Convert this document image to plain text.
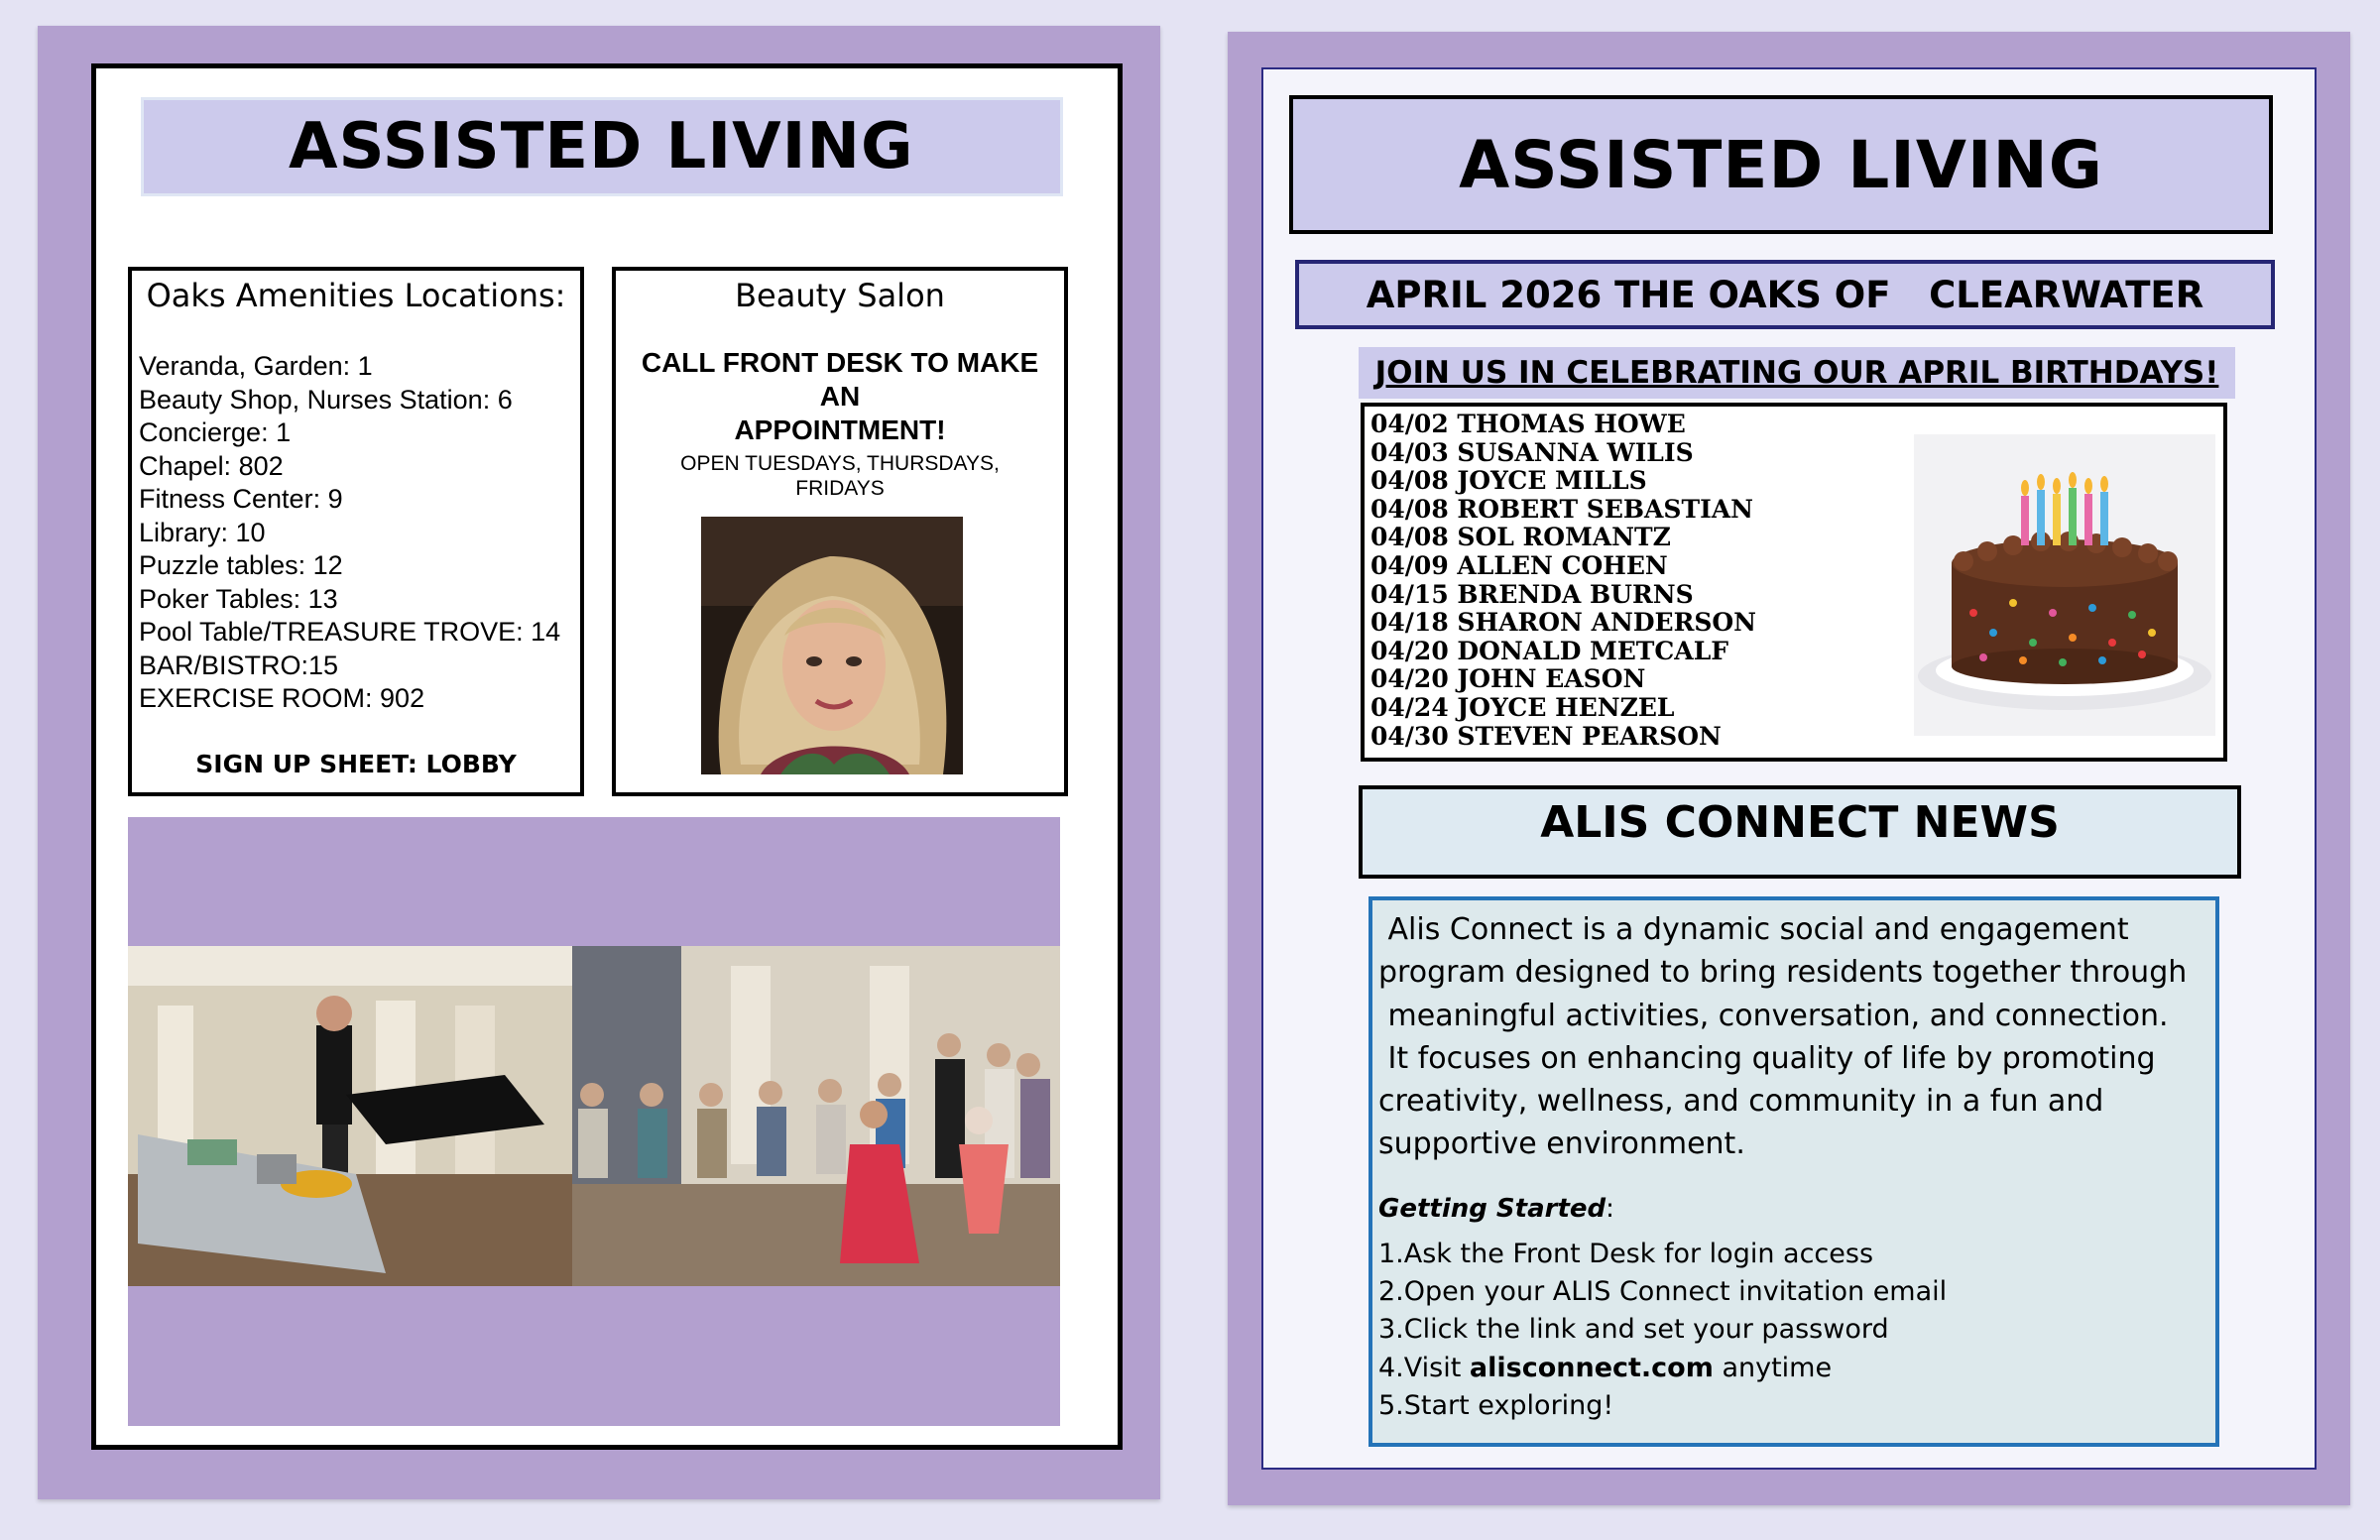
ASSISTED LIVING
Oaks Amenities Locations:
Veranda, Garden: 1
Beauty Shop, Nurses Station: 6
Concierge: 1
Chapel: 802
Fitness Center: 9
Library: 10
Puzzle tables: 12
Poker Tables: 13
Pool Table/TREASURE TROVE: 14
BAR/BISTRO:15
EXERCISE ROOM: 902
SIGN UP SHEET: LOBBY
Beauty Salon
CALL FRONT DESK TO MAKE
AN
APPOINTMENT!
OPEN TUESDAYS, THURSDAYS,
FRIDAYS
ASSISTED LIVING
APRIL 2026 THE OAKS OF   CLEARWATER
JOIN US IN CELEBRATING OUR APRIL BIRTHDAYS!
04/02 THOMAS HOWE
04/03 SUSANNA WILIS
04/08 JOYCE MILLS
04/08 ROBERT SEBASTIAN
04/08 SOL ROMANTZ
04/09 ALLEN COHEN
04/15 BRENDA BURNS
04/18 SHARON ANDERSON
04/20 DONALD METCALF
04/20 JOHN EASON
04/24 JOYCE HENZEL
04/30 STEVEN PEARSON
ALIS CONNECT NEWS
Alis Connect is a dynamic social and engagement
program designed to bring residents together through
meaningful activities, conversation, and connection.
It focuses on enhancing quality of life by promoting
creativity, wellness, and community in a fun and
supportive environment.
Getting Started:
1.Ask the Front Desk for login access
2.Open your ALIS Connect invitation email
3.Click the link and set your password
4.Visit alisconnect.com anytime
5.Start exploring!
